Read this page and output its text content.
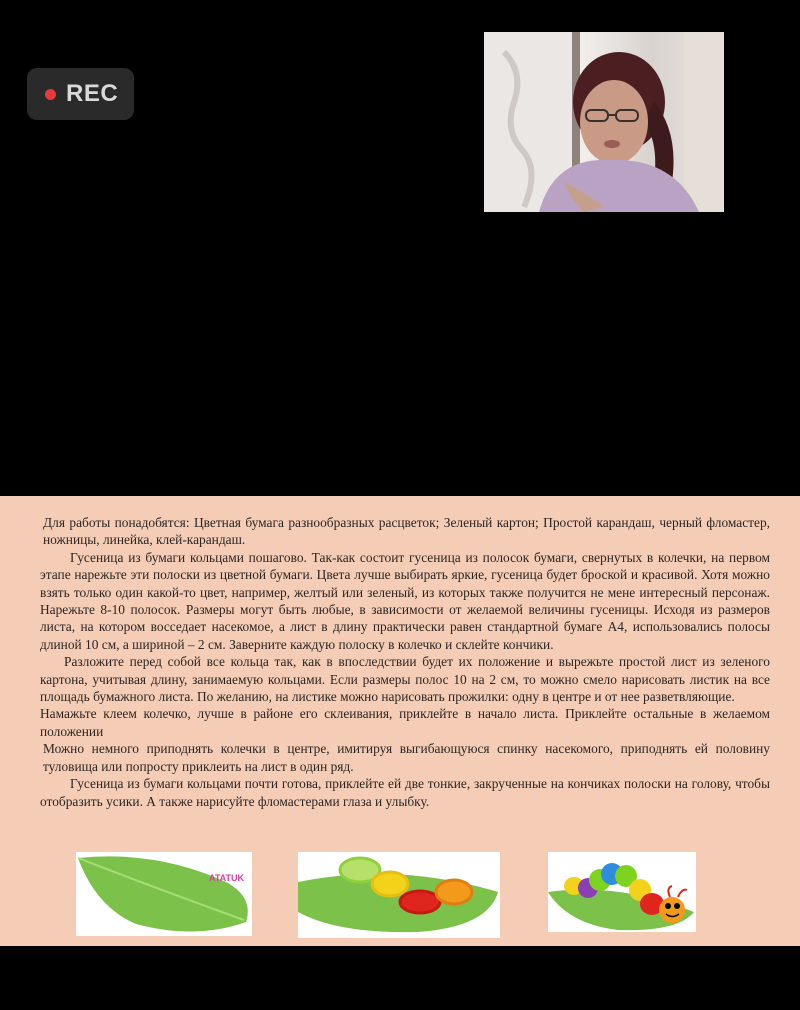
REC

Для работы понадобятся: Цветная бумага разнообразных расцветок; Зеленый картон; Простой карандаш, черный фломастер, ножницы, линейка, клей-карандаш.

Гусеница из бумаги кольцами пошагово. Так-как состоит гусеница из полосок бумаги, свернутых в колечки, на первом этапе нарежьте эти полоски из цветной бумаги. Цвета лучше выбирать яркие, гусеница будет броской и красивой. Хотя можно взять только один какой-то цвет, например, желтый или зеленый, из которых также получится не мене интересный персонаж. Нарежьте 8-10 полосок. Размеры могут быть любые, в зависимости от желаемой величины гусеницы. Исходя из размеров листа, на котором восседает насекомое, а лист в длину практически равен стандартной бумаге А4, использовались полосы длиной 10 см, а шириной – 2 см. Заверните каждую полоску в колечко и склейте кончики.

Разложите перед собой все кольца так, как в впоследствии будет их положение и вырежьте простой лист из зеленого картона, учитывая длину, занимаемую кольцами. Если размеры полос 10 на 2 см, то можно смело нарисовать листик на все площадь бумажного листа. По желанию, на листике можно нарисовать прожилки: одну в центре и от нее разветвляющие.

Намажьте клеем колечко, лучше в районе его склеивания, приклейте в начало листа. Приклейте остальные в желаемом положении

Можно немного приподнять колечки в центре, имитируя выгибающуюся спинку насекомого, приподнять ей половину туловища или попросту приклеить на лист в один ряд.

Гусеница из бумаги кольцами почти готова, приклейте ей две тонкие, закрученные на кончиках полоски на голову, чтобы отобразить усики. А также нарисуйте фломастерами глаза и улыбку.

ATATUK
